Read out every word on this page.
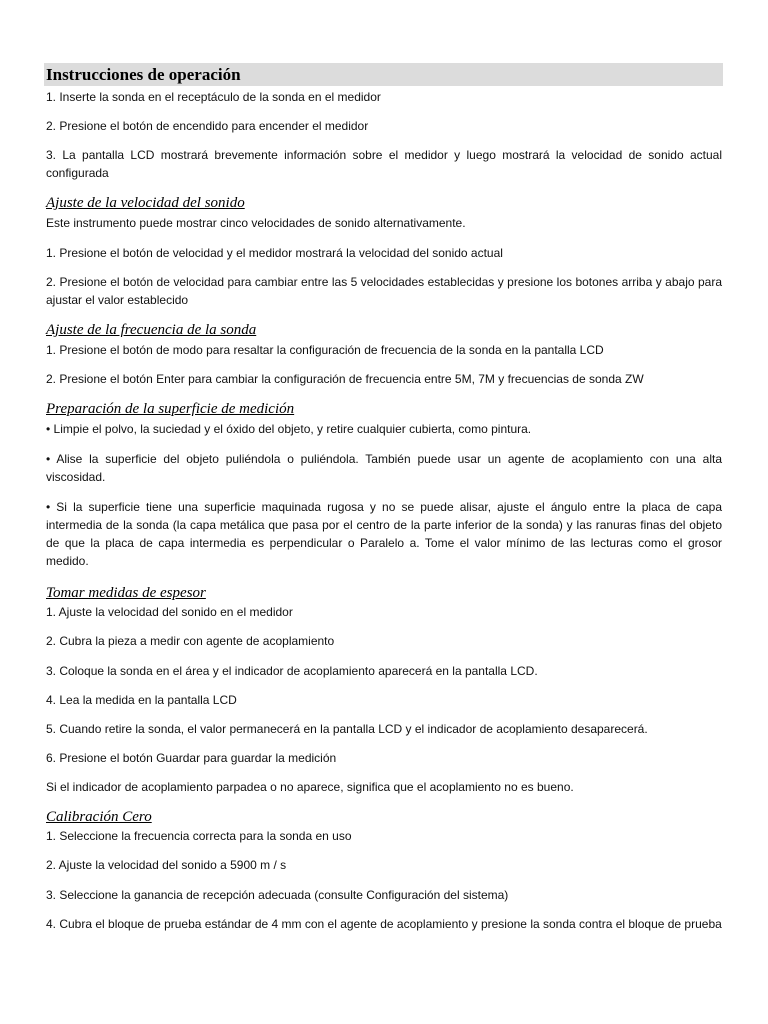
Instrucciones de operación

1. Inserte la sonda en el receptáculo de la sonda en el medidor

2. Presione el botón de encendido para encender el medidor

3. La pantalla LCD mostrará brevemente información sobre el medidor y luego mostrará la velocidad de sonido actual configurada

Ajuste de la velocidad del sonido

Este instrumento puede mostrar cinco velocidades de sonido alternativamente.

1. Presione el botón de velocidad y el medidor mostrará la velocidad del sonido actual

2. Presione el botón de velocidad para cambiar entre las 5 velocidades establecidas y presione los botones arriba y abajo para ajustar el valor establecido

Ajuste de la frecuencia de la sonda

1. Presione el botón de modo para resaltar la configuración de frecuencia de la sonda en la pantalla LCD

2. Presione el botón Enter para cambiar la configuración de frecuencia entre 5M, 7M y frecuencias de sonda ZW

Preparación de la superficie de medición

• Limpie el polvo, la suciedad y el óxido del objeto, y retire cualquier cubierta, como pintura.

• Alise la superficie del objeto puliéndola o puliéndola. También puede usar un agente de acoplamiento con una alta viscosidad.

• Si la superficie tiene una superficie maquinada rugosa y no se puede alisar, ajuste el ángulo entre la placa de capa intermedia de la sonda (la capa metálica que pasa por el centro de la parte inferior de la sonda) y las ranuras finas del objeto de que la placa de capa intermedia es perpendicular o Paralelo a. Tome el valor mínimo de las lecturas como el grosor medido.

Tomar medidas de espesor

1. Ajuste la velocidad del sonido en el medidor

2. Cubra la pieza a medir con agente de acoplamiento

3. Coloque la sonda en el área y el indicador de acoplamiento aparecerá en la pantalla LCD.

4. Lea la medida en la pantalla LCD

5. Cuando retire la sonda, el valor permanecerá en la pantalla LCD y el indicador de acoplamiento desaparecerá.

6. Presione el botón Guardar para guardar la medición

Si el indicador de acoplamiento parpadea o no aparece, significa que el acoplamiento no es bueno.

Calibración Cero

1. Seleccione la frecuencia correcta para la sonda en uso

2. Ajuste la velocidad del sonido a 5900 m / s

3. Seleccione la ganancia de recepción adecuada (consulte Configuración del sistema)

4. Cubra el bloque de prueba estándar de 4 mm con el agente de acoplamiento y presione la sonda contra el bloque de prueba
